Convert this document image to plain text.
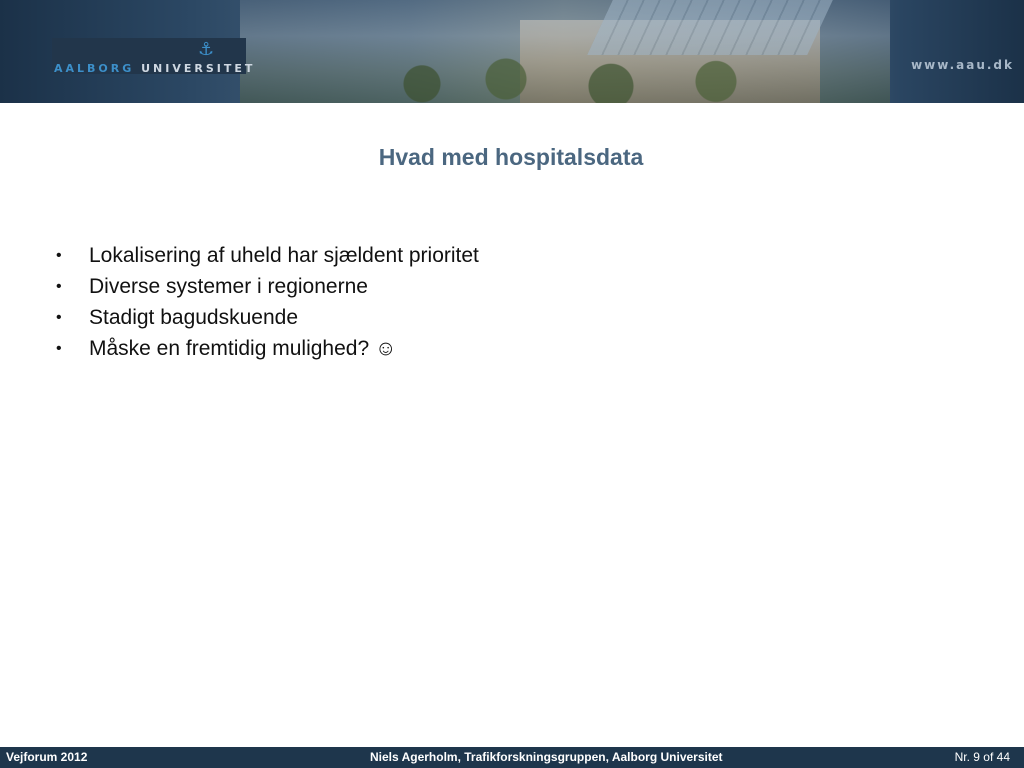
⚓
AALBORG UNIVERSITET	www.aau.dk
Hvad med hospitalsdata
• Lokalisering af uheld har sjældent prioritet
• Diverse systemer i regionerne
• Stadigt bagudskuende
• Måske en fremtidig mulighed? ☺
Vejforum 2012	Niels Agerholm, Trafikforskningsgruppen, Aalborg Universitet	Nr. 9 of 44
